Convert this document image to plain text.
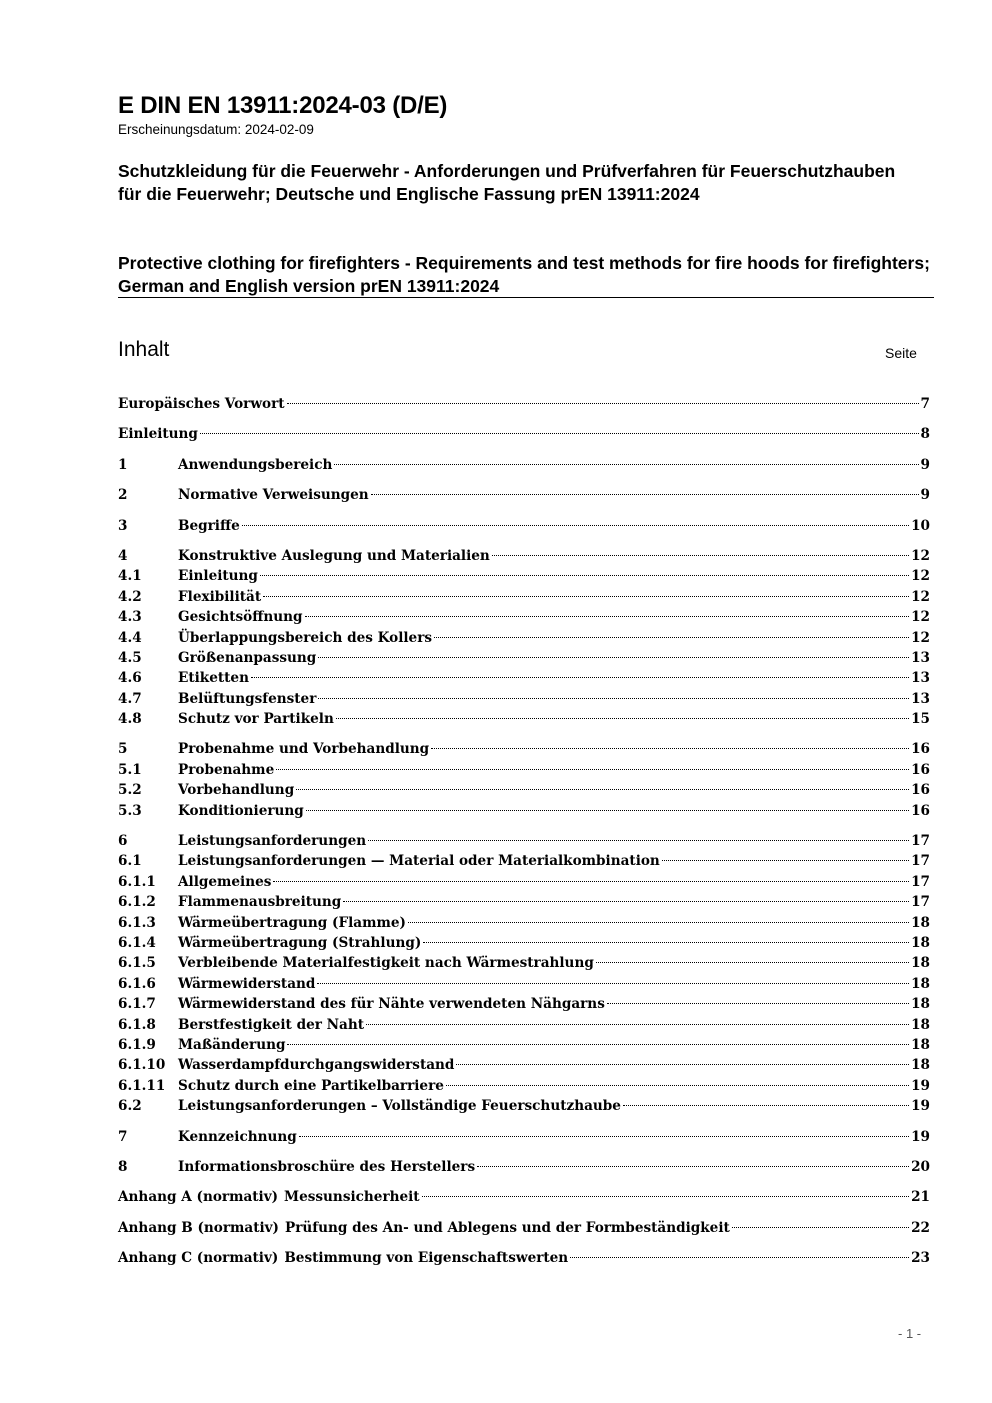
E DIN EN 13911:2024-03 (D/E)
Erscheinungsdatum: 2024-02-09
Schutzkleidung für die Feuerwehr - Anforderungen und Prüfverfahren für Feuerschutzhauben für die Feuerwehr; Deutsche und Englische Fassung prEN 13911:2024
Protective clothing for firefighters - Requirements and test methods for fire hoods for firefighters; German and English version prEN 13911:2024
Inhalt	Seite
Europäisches Vorwort	7
Einleitung	8
1	Anwendungsbereich	9
2	Normative Verweisungen	9
3	Begriffe	10
4	Konstruktive Auslegung und Materialien	12
4.1	Einleitung	12
4.2	Flexibilität	12
4.3	Gesichtsöffnung	12
4.4	Überlappungsbereich des Kollers	12
4.5	Größenanpassung	13
4.6	Etiketten	13
4.7	Belüftungsfenster	13
4.8	Schutz vor Partikeln	15
5	Probenahme und Vorbehandlung	16
5.1	Probenahme	16
5.2	Vorbehandlung	16
5.3	Konditionierung	16
6	Leistungsanforderungen	17
6.1	Leistungsanforderungen — Material oder Materialkombination	17
6.1.1	Allgemeines	17
6.1.2	Flammenausbreitung	17
6.1.3	Wärmeübertragung (Flamme)	18
6.1.4	Wärmeübertragung (Strahlung)	18
6.1.5	Verbleibende Materialfestigkeit nach Wärmestrahlung	18
6.1.6	Wärmewiderstand	18
6.1.7	Wärmewiderstand des für Nähte verwendeten Nähgarns	18
6.1.8	Berstfestigkeit der Naht	18
6.1.9	Maßänderung	18
6.1.10 Wasserdampfdurchgangswiderstand	18
6.1.11 Schutz durch eine Partikelbarriere	19
6.2	Leistungsanforderungen – Vollständige Feuerschutzhaube	19
7	Kennzeichnung	19
8	Informationsbroschüre des Herstellers	20
Anhang A (normativ) Messunsicherheit	21
Anhang B (normativ) Prüfung des An- und Ablegens und der Formbeständigkeit	22
Anhang C (normativ) Bestimmung von Eigenschaftswerten	23
- 1 -
